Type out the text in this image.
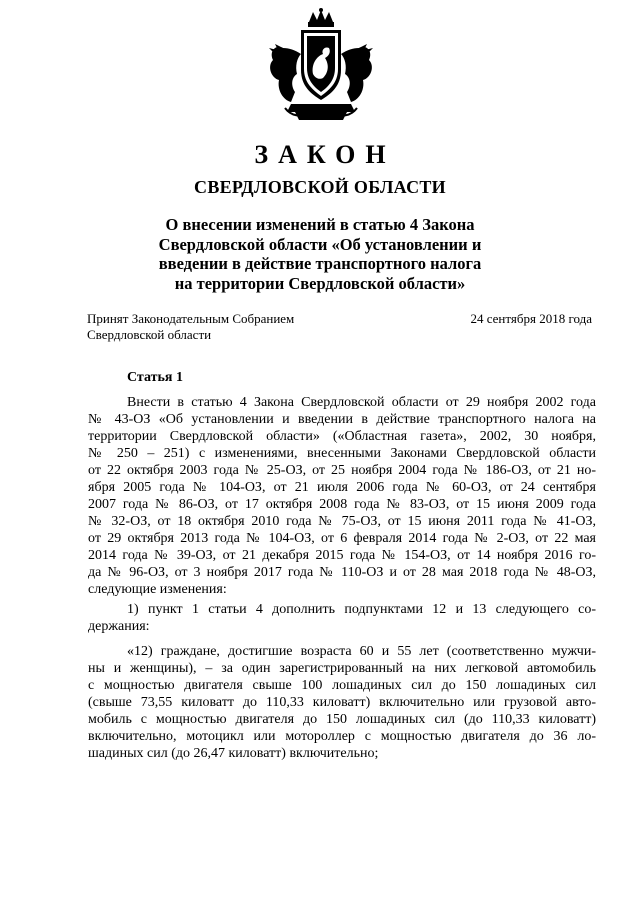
ЗАКОН
СВЕРДЛОВСКОЙ ОБЛАСТИ
О внесении изменений в статью 4 Закона
Свердловской области «Об установлении и
введении в действие транспортного налога
на территории Свердловской области»
Принят Законодательным Собранием
Свердловской области
24 сентября 2018 года
Статья 1
Внести в статью 4 Закона Свердловской области от 29 ноября 2002 года
№ 43-ОЗ «Об установлении и введении в действие транспортного налога на
территории Свердловской области» («Областная газета», 2002, 30 ноября,
№ 250 – 251) с изменениями, внесенными Законами Свердловской области
от 22 октября 2003 года № 25-ОЗ, от 25 ноября 2004 года № 186-ОЗ, от 21 но-
ября 2005 года № 104-ОЗ, от 21 июля 2006 года № 60-ОЗ, от 24 сентября
2007 года № 86-ОЗ, от 17 октября 2008 года № 83-ОЗ, от 15 июня 2009 года
№ 32-ОЗ, от 18 октября 2010 года № 75-ОЗ, от 15 июня 2011 года № 41-ОЗ,
от 29 октября 2013 года № 104-ОЗ, от 6 февраля 2014 года № 2-ОЗ, от 22 мая
2014 года № 39-ОЗ, от 21 декабря 2015 года № 154-ОЗ, от 14 ноября 2016 го-
да № 96-ОЗ, от 3 ноября 2017 года № 110-ОЗ и от 28 мая 2018 года № 48-ОЗ,
следующие изменения:
1) пункт 1 статьи 4 дополнить подпунктами 12 и 13 следующего со-
держания:
«12) граждане, достигшие возраста 60 и 55 лет (соответственно мужчи-
ны и женщины), – за один зарегистрированный на них легковой автомобиль
с мощностью двигателя свыше 100 лошадиных сил до 150 лошадиных сил
(свыше 73,55 киловатт до 110,33 киловатт) включительно или грузовой авто-
мобиль с мощностью двигателя до 150 лошадиных сил (до 110,33 киловатт)
включительно, мотоцикл или мотороллер с мощностью двигателя до 36 ло-
шадиных сил (до 26,47 киловатт) включительно;
